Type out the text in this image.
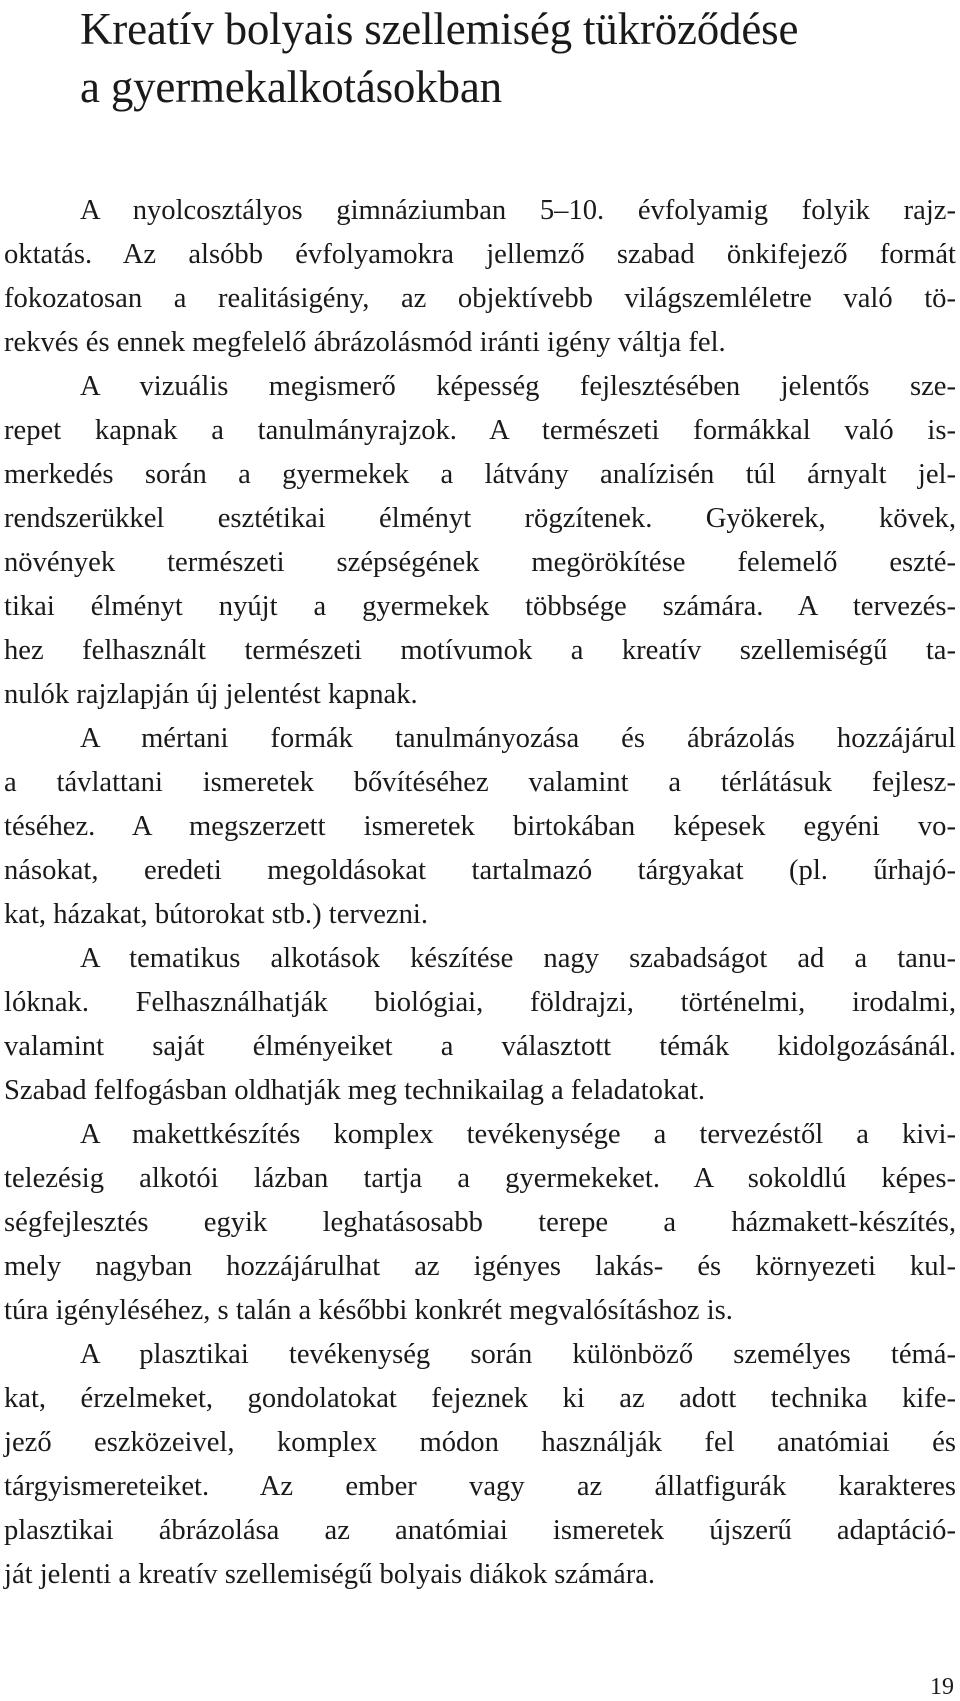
Kreatív bolyais szellemiség tükröződése
a gyermekalkotásokban
A nyolcosztályos gimnáziumban 5–10. évfolyamig folyik rajz-
oktatás. Az alsóbb évfolyamokra jellemző szabad önkifejező formát
fokozatosan a realitásigény, az objektívebb világszemléletre való tö-
rekvés és ennek megfelelő ábrázolásmód iránti igény váltja fel.
A vizuális megismerő képesség fejlesztésében jelentős sze-
repet kapnak a tanulmányrajzok. A természeti formákkal való is-
merkedés során a gyermekek a látvány analízisén túl árnyalt jel-
rendszerükkel esztétikai élményt rögzítenek. Gyökerek, kövek,
növények természeti szépségének megörökítése felemelő eszté-
tikai élményt nyújt a gyermekek többsége számára. A tervezés-
hez felhasznált természeti motívumok a kreatív szellemiségű ta-
nulók rajzlapján új jelentést kapnak.
A mértani formák tanulmányozása és ábrázolás hozzájárul
a távlattani ismeretek bővítéséhez valamint a térlátásuk fejlesz-
téséhez. A megszerzett ismeretek birtokában képesek egyéni vo-
násokat, eredeti megoldásokat tartalmazó tárgyakat (pl. űrhajó-
kat, házakat, bútorokat stb.) tervezni.
A tematikus alkotások készítése nagy szabadságot ad a tanu-
lóknak. Felhasználhatják biológiai, földrajzi, történelmi, irodalmi,
valamint saját élményeiket a választott témák kidolgozásánál.
Szabad felfogásban oldhatják meg technikailag a feladatokat.
A makettkészítés komplex tevékenysége a tervezéstől a kivi-
telezésig alkotói lázban tartja a gyermekeket. A sokoldlú képes-
ségfejlesztés egyik leghatásosabb terepe a házmakett-készítés,
mely nagyban hozzájárulhat az igényes lakás- és környezeti kul-
túra igényléséhez, s talán a későbbi konkrét megvalósításhoz is.
A plasztikai tevékenység során különböző személyes témá-
kat, érzelmeket, gondolatokat fejeznek ki az adott technika kife-
jező eszközeivel, komplex módon használják fel anatómiai és
tárgyismereteiket. Az ember vagy az állatfigurák karakteres
plasztikai ábrázolása az anatómiai ismeretek újszerű adaptáció-
ját jelenti a kreatív szellemiségű bolyais diákok számára.
19
